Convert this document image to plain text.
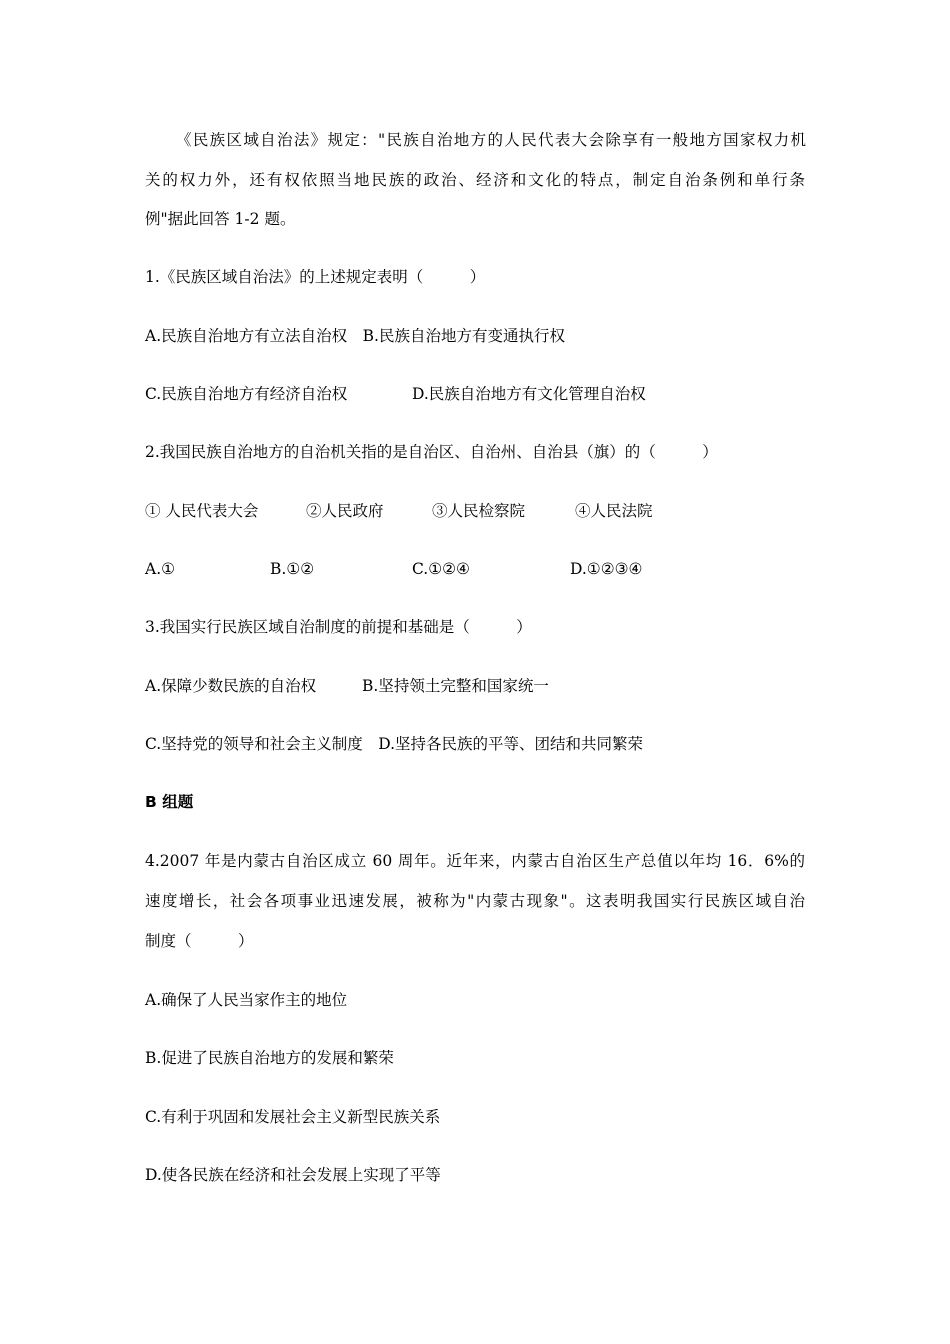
《民族区域自治法》规定："民族自治地方的人民代表大会除享有一般地方国家权力机
关的权力外，还有权依照当地民族的政治、经济和文化的特点，制定自治条例和单行条
例"据此回答 1-2 题。
1.《民族区域自治法》的上述规定表明（　　　）
A.民族自治地方有立法自治权　B.民族自治地方有变通执行权
C.民族自治地方有经济自治权	D.民族自治地方有文化管理自治权
2.我国民族自治地方的自治机关指的是自治区、自治州、自治县（旗）的（　　　）
① 人民代表大会	②人民政府	③人民检察院	④人民法院
A.①	B.①②	C.①②④	D.①②③④
3.我国实行民族区域自治制度的前提和基础是（　　　）
A.保障少数民族的自治权	B.坚持领土完整和国家统一
C.坚持党的领导和社会主义制度　D.坚持各民族的平等、团结和共同繁荣
B 组题
4.2007 年是内蒙古自治区成立 60 周年。近年来，内蒙古自治区生产总值以年均 16．6%的
速度增长，社会各项事业迅速发展，被称为"内蒙古现象"。这表明我国实行民族区域自治
制度（　　　）
A.确保了人民当家作主的地位
B.促进了民族自治地方的发展和繁荣
C.有利于巩固和发展社会主义新型民族关系
D.使各民族在经济和社会发展上实现了平等
